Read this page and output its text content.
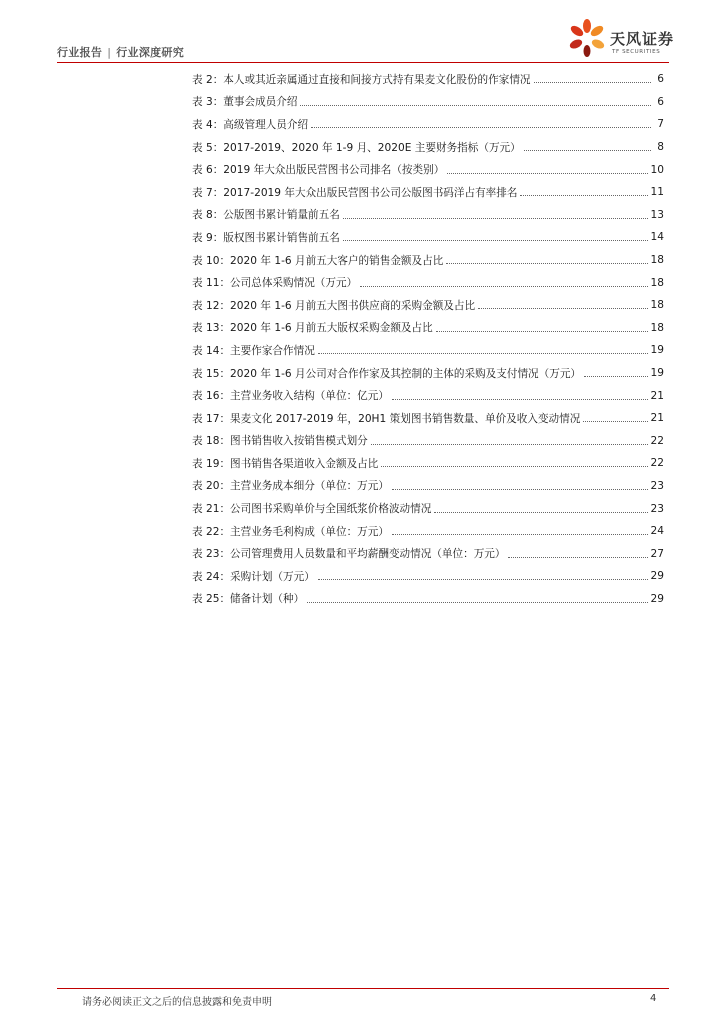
行业报告 | 行业深度研究
天风证券
TF SECURITIES
表 2：本人或其近亲属通过直接和间接方式持有果麦文化股份的作家情况	6
表 3：董事会成员介绍	6
表 4：高级管理人员介绍	7
表 5：2017-2019、2020 年 1-9 月、2020E 主要财务指标（万元）	8
表 6：2019 年大众出版民营图书公司排名（按类别）	10
表 7：2017-2019 年大众出版民营图书公司公版图书码洋占有率排名	11
表 8：公版图书累计销量前五名	13
表 9：版权图书累计销售前五名	14
表 10：2020 年 1-6 月前五大客户的销售金额及占比	18
表 11：公司总体采购情况（万元）	18
表 12：2020 年 1-6 月前五大图书供应商的采购金额及占比	18
表 13：2020 年 1-6 月前五大版权采购金额及占比	18
表 14：主要作家合作情况	19
表 15：2020 年 1-6 月公司对合作作家及其控制的主体的采购及支付情况（万元）	19
表 16：主营业务收入结构（单位：亿元）	21
表 17：果麦文化 2017-2019 年，20H1 策划图书销售数量、单价及收入变动情况	21
表 18：图书销售收入按销售模式划分	22
表 19：图书销售各渠道收入金额及占比	22
表 20：主营业务成本细分（单位：万元）	23
表 21：公司图书采购单价与全国纸浆价格波动情况	23
表 22：主营业务毛利构成（单位：万元）	24
表 23：公司管理费用人员数量和平均薪酬变动情况（单位：万元）	27
表 24：采购计划（万元）	29
表 25：储备计划（种）	29
请务必阅读正文之后的信息披露和免责申明	4
